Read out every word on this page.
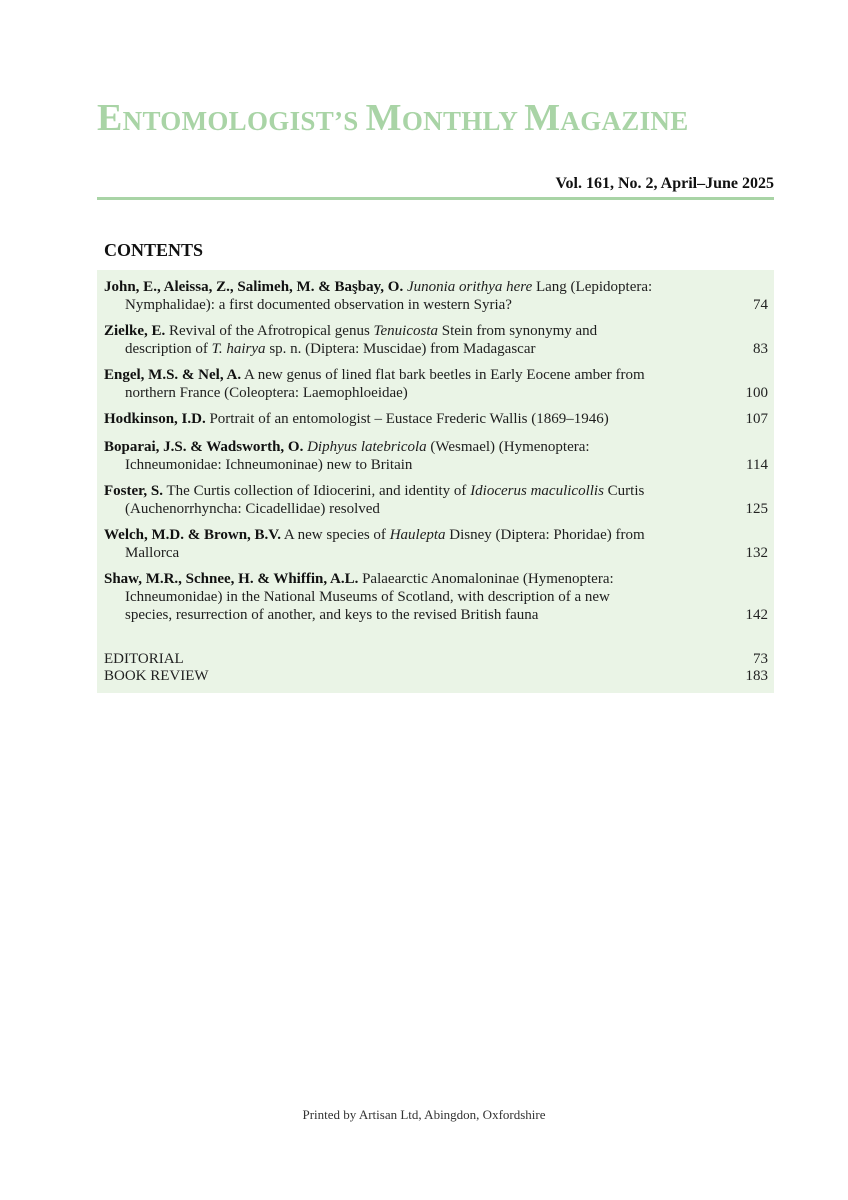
ENTOMOLOGIST’S MONTHLY MAGAZINE
Vol. 161, No. 2, April–June 2025
CONTENTS
John, E., Aleissa, Z., Salimeh, M. & Başbay, O. Junonia orithya here Lang (Lepidoptera:
Nymphalidae): a first documented observation in western Syria?	74
Zielke, E. Revival of the Afrotropical genus Tenuicosta Stein from synonymy and
description of T. hairya sp. n. (Diptera: Muscidae) from Madagascar	83
Engel, M.S. & Nel, A. A new genus of lined flat bark beetles in Early Eocene amber from
northern France (Coleoptera: Laemophloeidae)	100
Hodkinson, I.D. Portrait of an entomologist – Eustace Frederic Wallis (1869–1946)	107
Boparai, J.S. & Wadsworth, O. Diphyus latebricola (Wesmael) (Hymenoptera:
Ichneumonidae: Ichneumoninae) new to Britain	114
Foster, S. The Curtis collection of Idiocerini, and identity of Idiocerus maculicollis Curtis
(Auchenorrhyncha: Cicadellidae) resolved	125
Welch, M.D. & Brown, B.V. A new species of Haulepta Disney (Diptera: Phoridae) from
Mallorca	132
Shaw, M.R., Schnee, H. & Whiffin, A.L. Palaearctic Anomaloninae (Hymenoptera:
Ichneumonidae) in the National Museums of Scotland, with description of a new
species, resurrection of another, and keys to the revised British fauna	142
EDITORIAL	73
BOOK REVIEW	183
Printed by Artisan Ltd, Abingdon, Oxfordshire
